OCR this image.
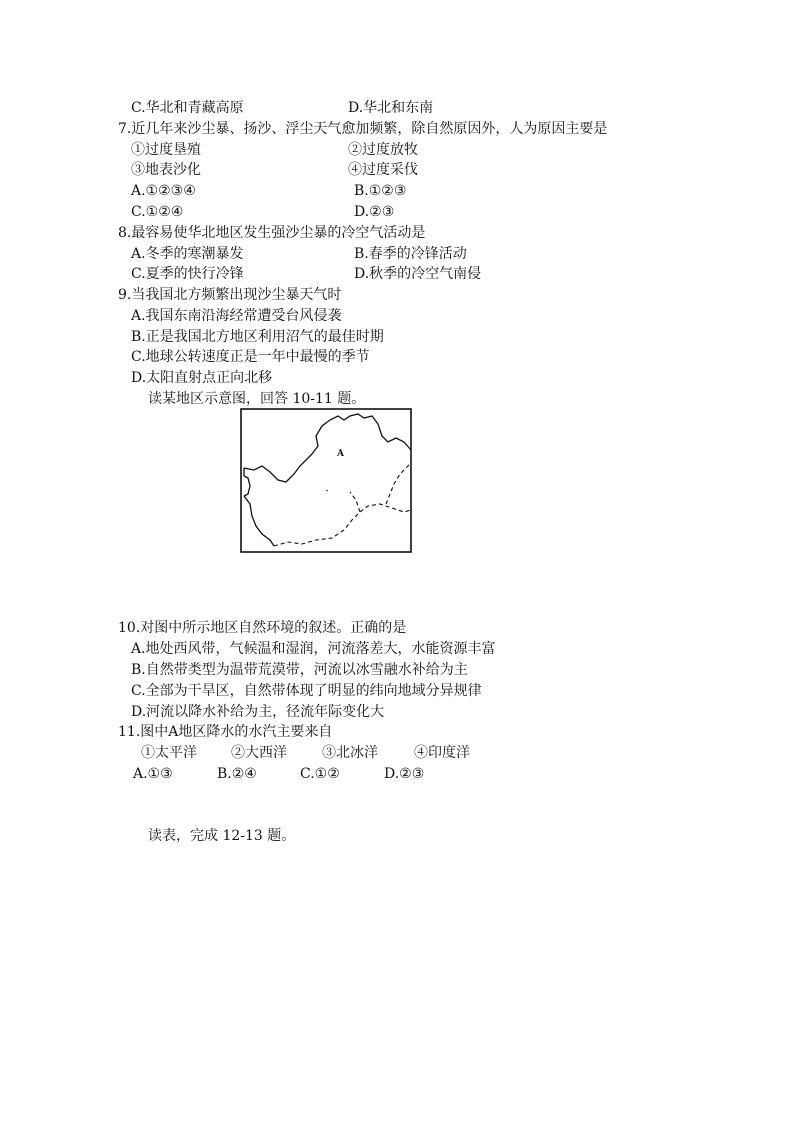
C.华北和青藏高原	D.华北和东南
7.近几年来沙尘暴、扬沙、浮尘天气愈加频繁，除自然原因外，人为原因主要是
①过度垦殖	②过度放牧
③地表沙化	④过度采伐
A.①②③④	B.①②③
C.①②④	D.②③
8.最容易使华北地区发生强沙尘暴的冷空气活动是
A.冬季的寒潮暴发	B.春季的冷锋活动
C.夏季的快行冷锋	D.秋季的冷空气南侵
9.当我国北方频繁出现沙尘暴天气时
A.我国东南沿海经常遭受台风侵袭
B.正是我国北方地区利用沼气的最佳时期
C.地球公转速度正是一年中最慢的季节
D.太阳直射点正向北移
读某地区示意图，回答 10-11 题。
A
10.对图中所示地区自然环境的叙述。正确的是
A.地处西风带，气候温和湿润，河流落差大，水能资源丰富
B.自然带类型为温带荒漠带，河流以冰雪融水补给为主
C.全部为干旱区，自然带体现了明显的纬向地域分异规律
D.河流以降水补给为主，径流年际变化大
11.图中A地区降水的水汽主要来自
①太平洋 ②大西洋	③北冰洋	④印度洋
A.①③	B.②④	C.①②	D.②③
读表，完成 12-13 题。
